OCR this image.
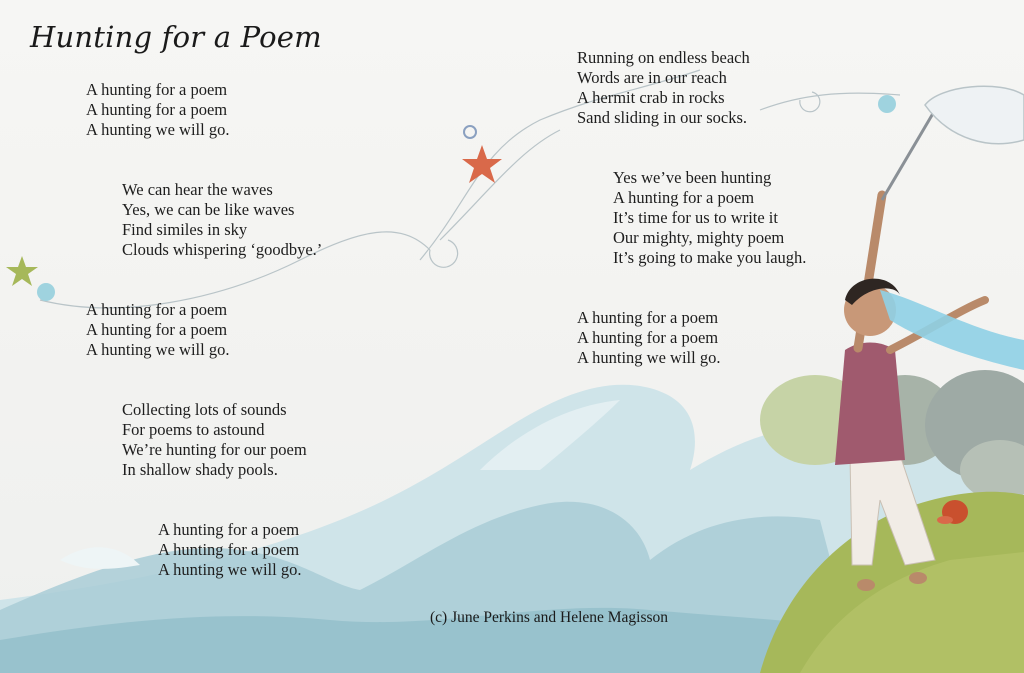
Hunting for a Poem
A hunting for a poem
A hunting for a poem
A hunting we will go.
We can hear the waves
Yes, we can be like waves
Find similes in sky
Clouds whispering ‘goodbye.’
A hunting for a poem
A hunting for a poem
A hunting we will go.
Collecting lots of sounds
For poems to astound
We’re hunting for our poem
In shallow shady pools.
A hunting for a poem
A hunting for a poem
A hunting we will go.
Running on endless beach
Words are in our reach
A hermit crab in rocks
Sand sliding in our socks.
Yes we’ve been hunting
A hunting for a poem
It’s time for us to write it
Our mighty, mighty poem
It’s going to make you laugh.
A hunting for a poem
A hunting for a poem
A hunting we will go.
(c) June Perkins and Helene Magisson
